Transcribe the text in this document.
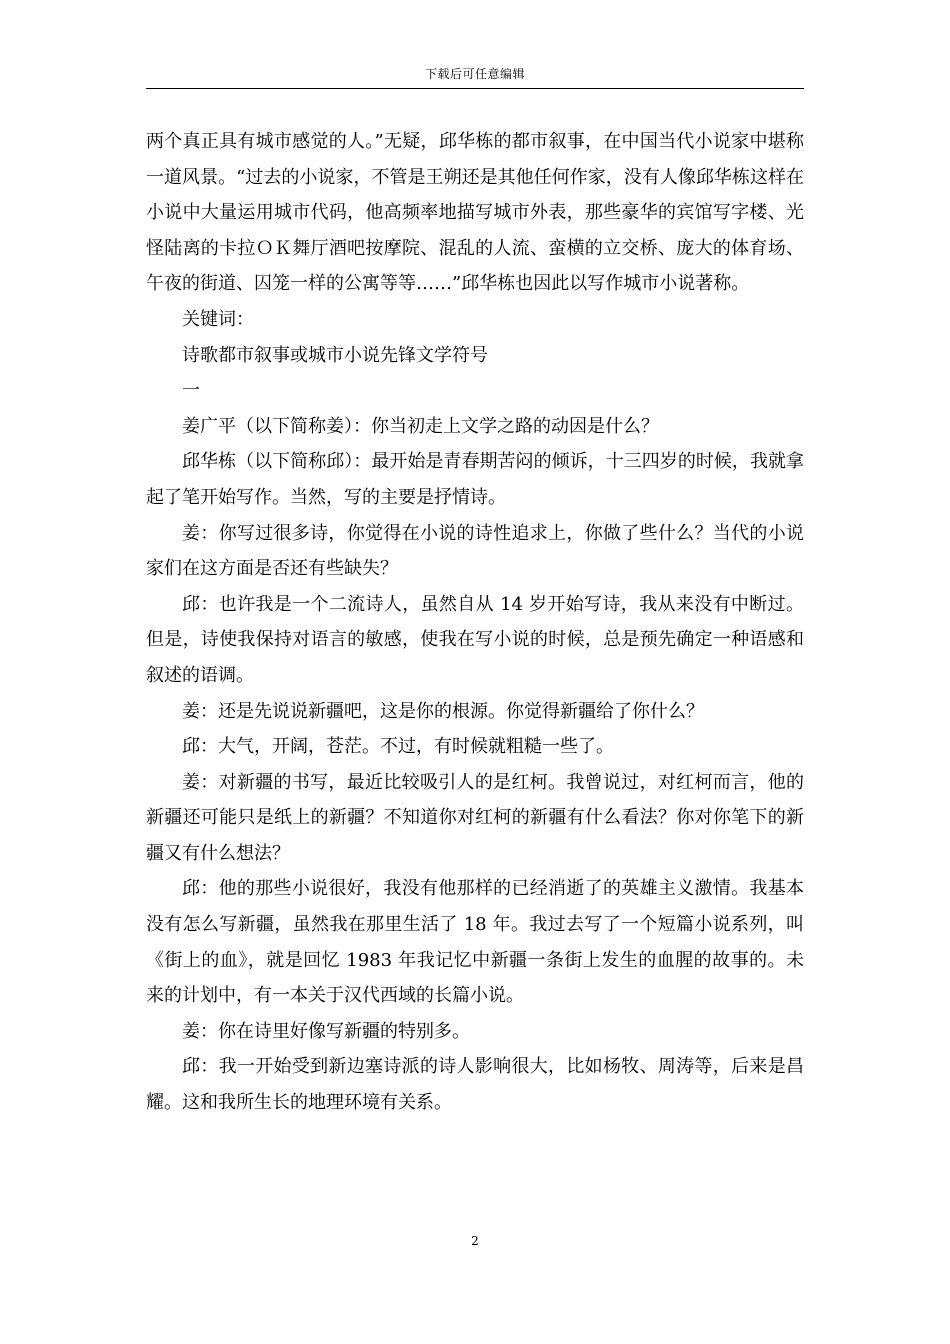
下载后可任意编辑

两个真正具有城市感觉的人。”无疑，邱华栋的都市叙事，在中国当代小说家中堪称一道风景。“过去的小说家，不管是王朔还是其他任何作家，没有人像邱华栋这样在小说中大量运用城市代码，他高频率地描写城市外表，那些豪华的宾馆写字楼、光怪陆离的卡拉ＯＫ舞厅酒吧按摩院、混乱的人流、蛮横的立交桥、庞大的体育场、午夜的街道、囚笼一样的公寓等等……”邱华栋也因此以写作城市小说著称。

关键词：

诗歌都市叙事或城市小说先锋文学符号

一

姜广平（以下简称姜）：你当初走上文学之路的动因是什么？

邱华栋（以下简称邱）：最开始是青春期苦闷的倾诉，十三四岁的时候，我就拿起了笔开始写作。当然，写的主要是抒情诗。

姜：你写过很多诗，你觉得在小说的诗性追求上，你做了些什么？当代的小说家们在这方面是否还有些缺失？

邱：也许我是一个二流诗人，虽然自从 14 岁开始写诗，我从来没有中断过。但是，诗使我保持对语言的敏感，使我在写小说的时候，总是预先确定一种语感和叙述的语调。

姜：还是先说说新疆吧，这是你的根源。你觉得新疆给了你什么？

邱：大气，开阔，苍茫。不过，有时候就粗糙一些了。

姜：对新疆的书写，最近比较吸引人的是红柯。我曾说过，对红柯而言，他的新疆还可能只是纸上的新疆？不知道你对红柯的新疆有什么看法？你对你笔下的新疆又有什么想法？

邱：他的那些小说很好，我没有他那样的已经消逝了的英雄主义激情。我基本没有怎么写新疆，虽然我在那里生活了 18 年。我过去写了一个短篇小说系列，叫《街上的血》，就是回忆 1983 年我记忆中新疆一条街上发生的血腥的故事的。未来的计划中，有一本关于汉代西域的长篇小说。

姜：你在诗里好像写新疆的特别多。

邱：我一开始受到新边塞诗派的诗人影响很大，比如杨牧、周涛等，后来是昌耀。这和我所生长的地理环境有关系。

2
